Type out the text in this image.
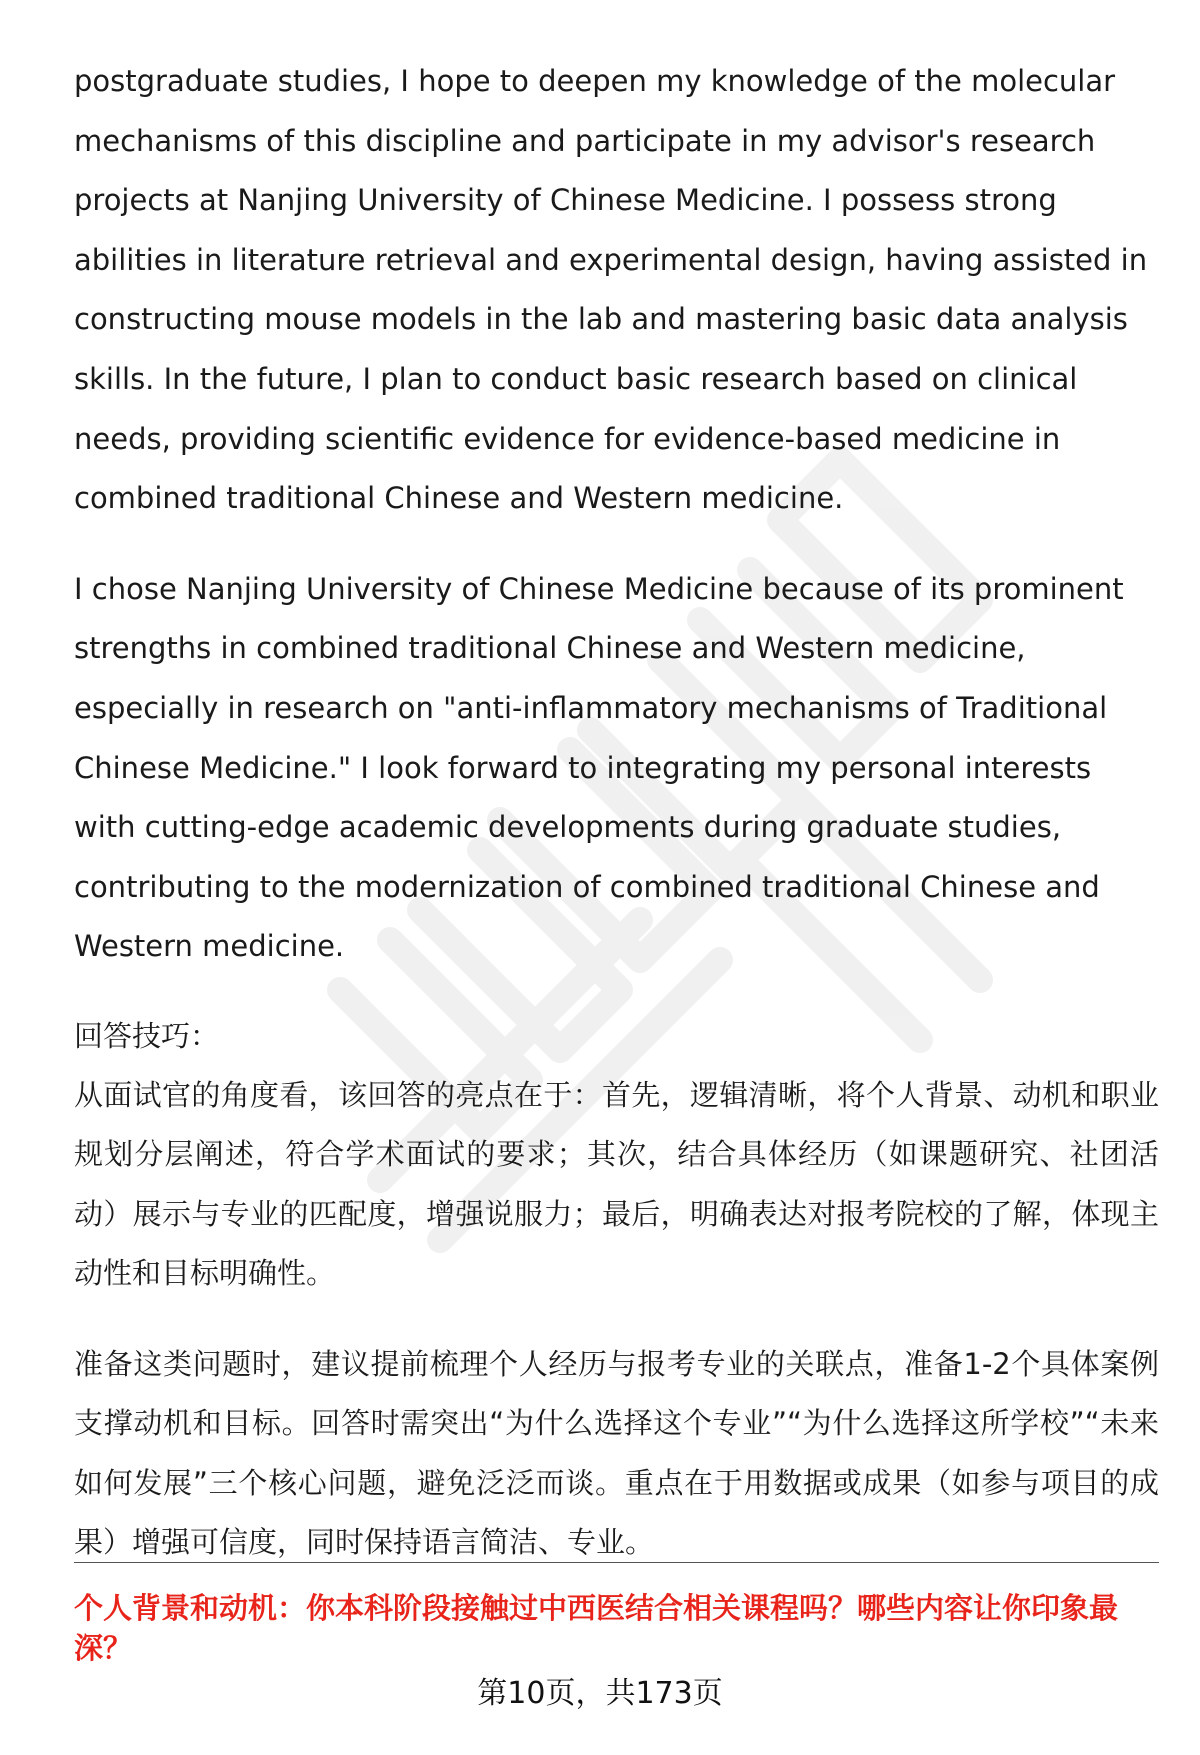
postgraduate studies, I hope to deepen my knowledge of the molecular mechanisms of this discipline and participate in my advisor's research projects at Nanjing University of Chinese Medicine. I possess strong abilities in literature retrieval and experimental design, having assisted in constructing mouse models in the lab and mastering basic data analysis skills. In the future, I plan to conduct basic research based on clinical needs, providing scientific evidence for evidence-based medicine in combined traditional Chinese and Western medicine.

I chose Nanjing University of Chinese Medicine because of its prominent strengths in combined traditional Chinese and Western medicine, especially in research on "anti-inflammatory mechanisms of Traditional Chinese Medicine." I look forward to integrating my personal interests with cutting-edge academic developments during graduate studies, contributing to the modernization of combined traditional Chinese and Western medicine.

回答技巧：

从面试官的角度看，该回答的亮点在于：首先，逻辑清晰，将个人背景、动机和职业规划分层阐述，符合学术面试的要求；其次，结合具体经历（如课题研究、社团活动）展示与专业的匹配度，增强说服力；最后，明确表达对报考院校的了解，体现主动性和目标明确性。

准备这类问题时，建议提前梳理个人经历与报考专业的关联点，准备1-2个具体案例支撑动机和目标。回答时需突出“为什么选择这个专业”“为什么选择这所学校”“未来如何发展”三个核心问题，避免泛泛而谈。重点在于用数据或成果（如参与项目的成果）增强可信度，同时保持语言简洁、专业。

个人背景和动机：你本科阶段接触过中西医结合相关课程吗？哪些内容让你印象最深？

第10页，共173页
